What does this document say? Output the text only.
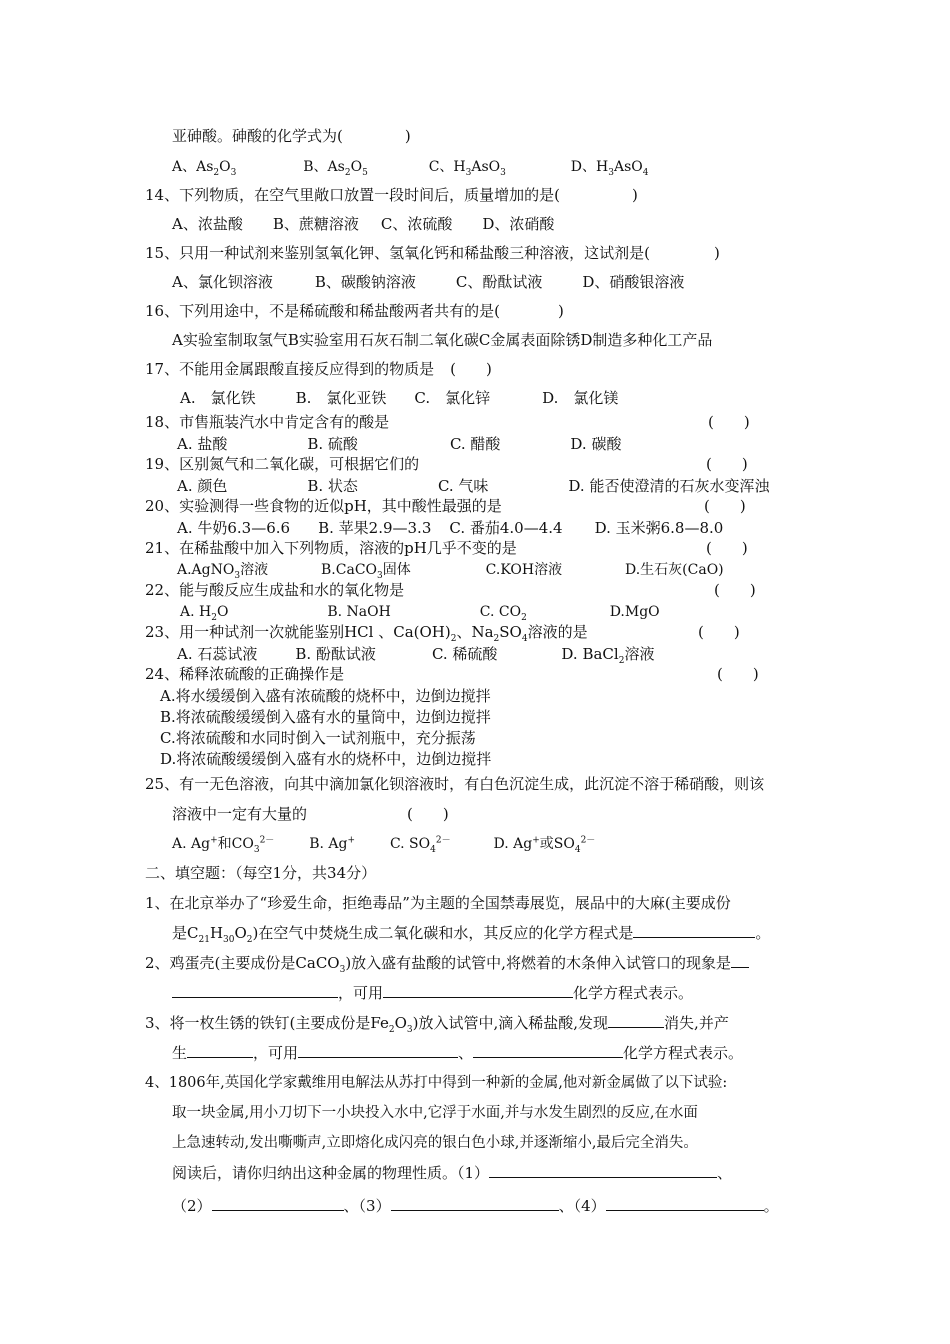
亚砷酸。砷酸的化学式为(	)
A、$As_2O_3$	B、$As_2O_5$	C、$H_3AsO_3$	D、$H_3AsO_4$
14、下列物质，在空气里敞口放置一段时间后，质量增加的是(	)
A、浓盐酸 B、蔗糖溶液 C、浓硫酸 D、浓硝酸
15、只用一种试剂来鉴别氢氧化钾、氢氧化钙和稀盐酸三种溶液，这试剂是(	)
A、氯化钡溶液	B、碳酸钠溶液	C、酚酞试液	D、硝酸银溶液
16、下列用途中，不是稀硫酸和稀盐酸两者共有的是(	)
A实验室制取氢气B实验室用石灰石制二氧化碳C金属表面除锈D制造多种化工产品
17、不能用金属跟酸直接反应得到的物质是 (　　)
A.　氯化铁	B.　氯化亚铁 C.　氯化锌	D.　氯化镁
18、市售瓶装汽水中肯定含有的酸是	(　　)
A. 盐酸	B. 硫酸	C. 醋酸	D. 碳酸
19、区别氮气和二氧化碳，可根据它们的	(　　)
A. 颜色	B. 状态	C. 气味	D. 能否使澄清的石灰水变浑浊
20、实验测得一些食物的近似pH，其中酸性最强的是	(　　)
A. 牛奶6.3—6.6 B. 苹果2.9—3.3 C. 番茄4.0—4.4 D. 玉米粥6.8—8.0
21、在稀盐酸中加入下列物质，溶液的pH几乎不变的是	(　　)
A.AgNO$_3$溶液	B.CaCO$_3$固体	C.KOH溶液	D.生石灰(CaO)
22、能与酸反应生成盐和水的氧化物是	(　　)
A. $H_2O$	B. NaOH	C. $CO_2$	D.MgO
23、用一种试剂一次就能鉴别HCl 、$Ca(OH)_2$、$Na_2SO_4$溶液的是	(　　)
A. 石蕊试液	B. 酚酞试液	C. 稀硫酸	D. BaCl$_2$溶液
24、稀释浓硫酸的正确操作是	(　　)
A.将水缓缓倒入盛有浓硫酸的烧杯中，边倒边搅拌
B.将浓硫酸缓缓倒入盛有水的量筒中，边倒边搅拌
C.将浓硫酸和水同时倒入一试剂瓶中，充分振荡
D.将浓硫酸缓缓倒入盛有水的烧杯中，边倒边搅拌
25、有一无色溶液，向其中滴加氯化钡溶液时，有白色沉淀生成，此沉淀不溶于稀硝酸，则该
溶液中一定有大量的	(　　)
A. Ag+和$CO_3^{2-}$ B. Ag+ C. $SO_4^{2-}$	D. Ag+或$SO_4^{2-}$
二、填空题：（每空1分，共34分）
1、在北京举办了“珍爱生命，拒绝毒品”为主题的全国禁毒展览，展品中的大麻(主要成份
是$C_{21}H_{30}O_2$)在空气中焚烧生成二氧化碳和水，其反应的化学方程式是	。
2、鸡蛋壳(主要成份是CaCO$_3$)放入盛有盐酸的试管中,将燃着的木条伸入试管口的现象是
，可用	化学方程式表示。
3、将一枚生锈的铁钉(主要成份是$Fe_2O_3$)放入试管中,滴入稀盐酸,发现	消失,并产
生	，可用	、	化学方程式表示。
4、1806年,英国化学家戴维用电解法从苏打中得到一种新的金属,他对新金属做了以下试验:
取一块金属,用小刀切下一小块投入水中,它浮于水面,并与水发生剧烈的反应,在水面
上急速转动,发出嘶嘶声,立即熔化成闪亮的银白色小球,并逐渐缩小,最后完全消失。
阅读后，请你归纳出这种金属的物理性质。（1）	、
（2）	、（3）	、（4）	。
